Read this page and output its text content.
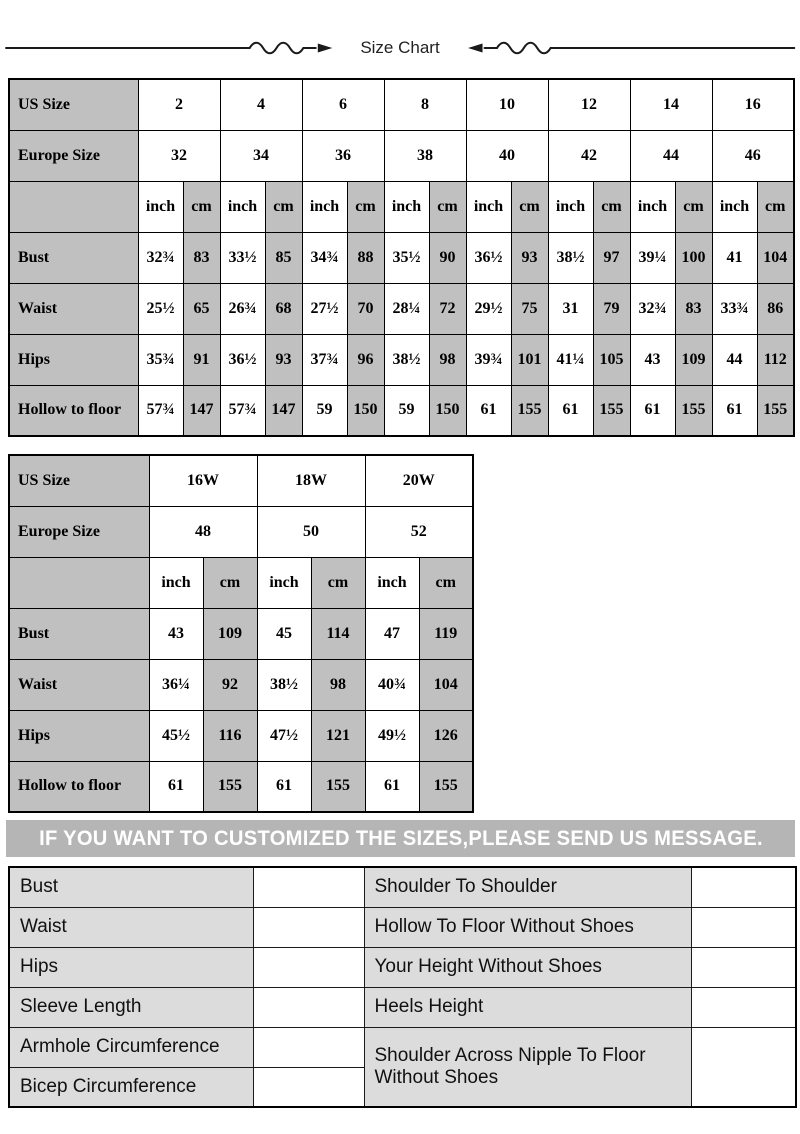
Size Chart
US Size	2		4		6		8		10		12		14		16	
Europe Size	32		34		36		38		40		42		44		46	
	inch	cm	inch	cm	inch	cm	inch	cm	inch	cm	inch	cm	inch	cm	inch	cm
Bust	32¾	83	33½	85	34¾	88	35½	90	36½	93	38½	97	39¼	100	41	104
Waist	25½	65	26¾	68	27½	70	28¼	72	29½	75	31	79	32¾	83	33¾	86
Hips	35¾	91	36½	93	37¾	96	38½	98	39¾	101	41¼	105	43	109	44	112
Hollow to floor	57¾	147	57¾	147	59	150	59	150	61	155	61	155	61	155	61	155
US Size	16W		18W		20W	
Europe Size	48		50		52	
	inch	cm	inch	cm	inch	cm
Bust	43	109	45	114	47	119
Waist	36¼	92	38½	98	40¾	104
Hips	45½	116	47½	121	49½	126
Hollow to floor	61	155	61	155	61	155
IF YOU WANT TO CUSTOMIZED THE SIZES,PLEASE SEND US MESSAGE.
Bust		Shoulder To Shoulder	
Waist		Hollow To Floor Without Shoes	
Hips		Your Height Without Shoes	
Sleeve Length		Heels Height	
Armhole Circumference		Shoulder Across Nipple To Floor Without Shoes	
Bicep Circumference			
